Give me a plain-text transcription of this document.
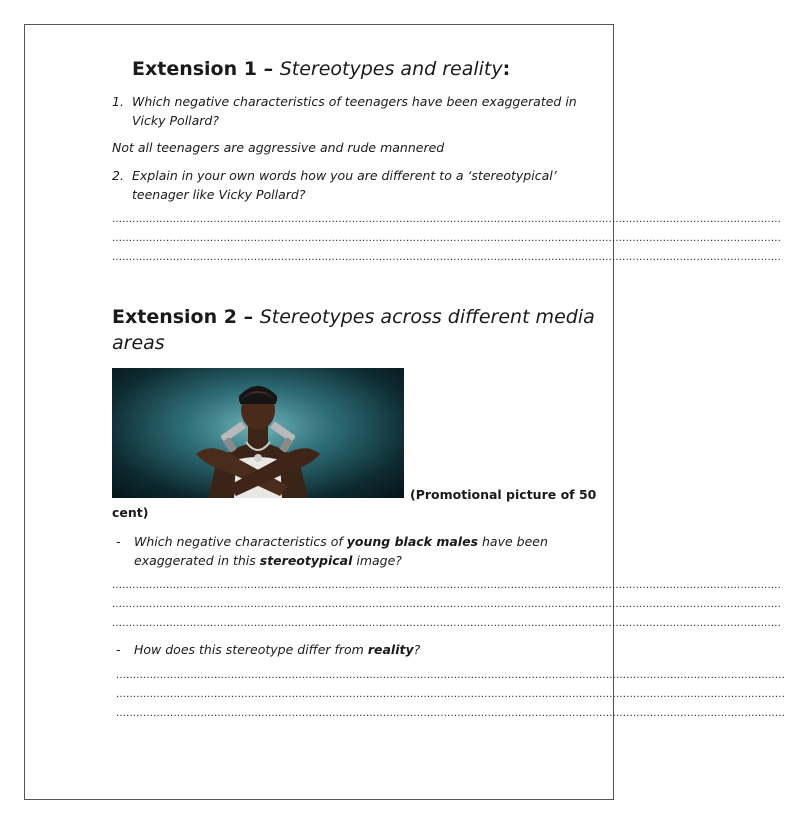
Extension 1 – Stereotypes and reality:
1. Which negative characteristics of teenagers have been exaggerated in Vicky Pollard?
Not all teenagers are aggressive and rude mannered
2. Explain in your own words how you are different to a ‘stereotypical’ teenager like Vicky Pollard?
......................................................................................................................................................................................................
......................................................................................................................................................................................................
......................................................................................................................................................................................................
Extension 2 – Stereotypes across different media
areas
(Promotional picture of 50
cent)
- Which negative characteristics of young black males have been
exaggerated in this stereotypical image?
......................................................................................................................................................................................................
......................................................................................................................................................................................................
......................................................................................................................................................................................................
- How does this stereotype differ from reality?
......................................................................................................................................................................................................
......................................................................................................................................................................................................
......................................................................................................................................................................................................
